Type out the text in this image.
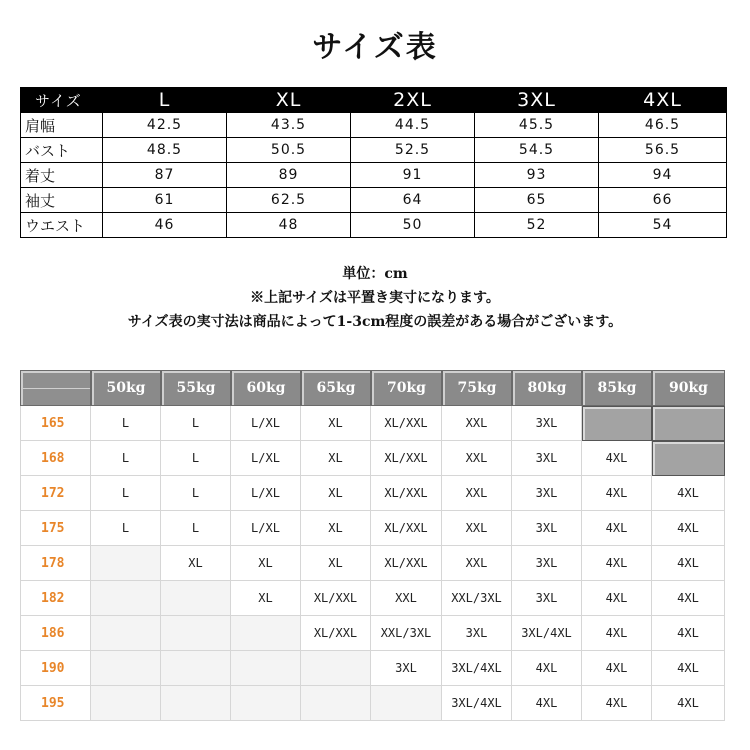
サイズ表
サイズ	L	XL	2XL	3XL	4XL
肩幅	42.5	43.5	44.5	45.5	46.5
バスト	48.5	50.5	52.5	54.5	56.5
着丈	87	89	91	93	94
袖丈	61	62.5	64	65	66
ウエスト	46	48	50	52	54
単位：cm
※上記サイズは平置き実寸になります。
サイズ表の実寸法は商品によって1-3cm程度の誤差がある場合がございます。
	50kg	55kg	60kg	65kg	70kg	75kg	80kg	85kg	90kg
165	L	L	L/XL	XL	XL/XXL	XXL	3XL		
168	L	L	L/XL	XL	XL/XXL	XXL	3XL	4XL	
172	L	L	L/XL	XL	XL/XXL	XXL	3XL	4XL	4XL
175	L	L	L/XL	XL	XL/XXL	XXL	3XL	4XL	4XL
178		XL	XL	XL	XL/XXL	XXL	3XL	4XL	4XL
182			XL	XL/XXL	XXL	XXL/3XL	3XL	4XL	4XL
186				XL/XXL	XXL/3XL	3XL	3XL/4XL	4XL	4XL
190					3XL	3XL/4XL	4XL	4XL	4XL
195						3XL/4XL	4XL	4XL	4XL
